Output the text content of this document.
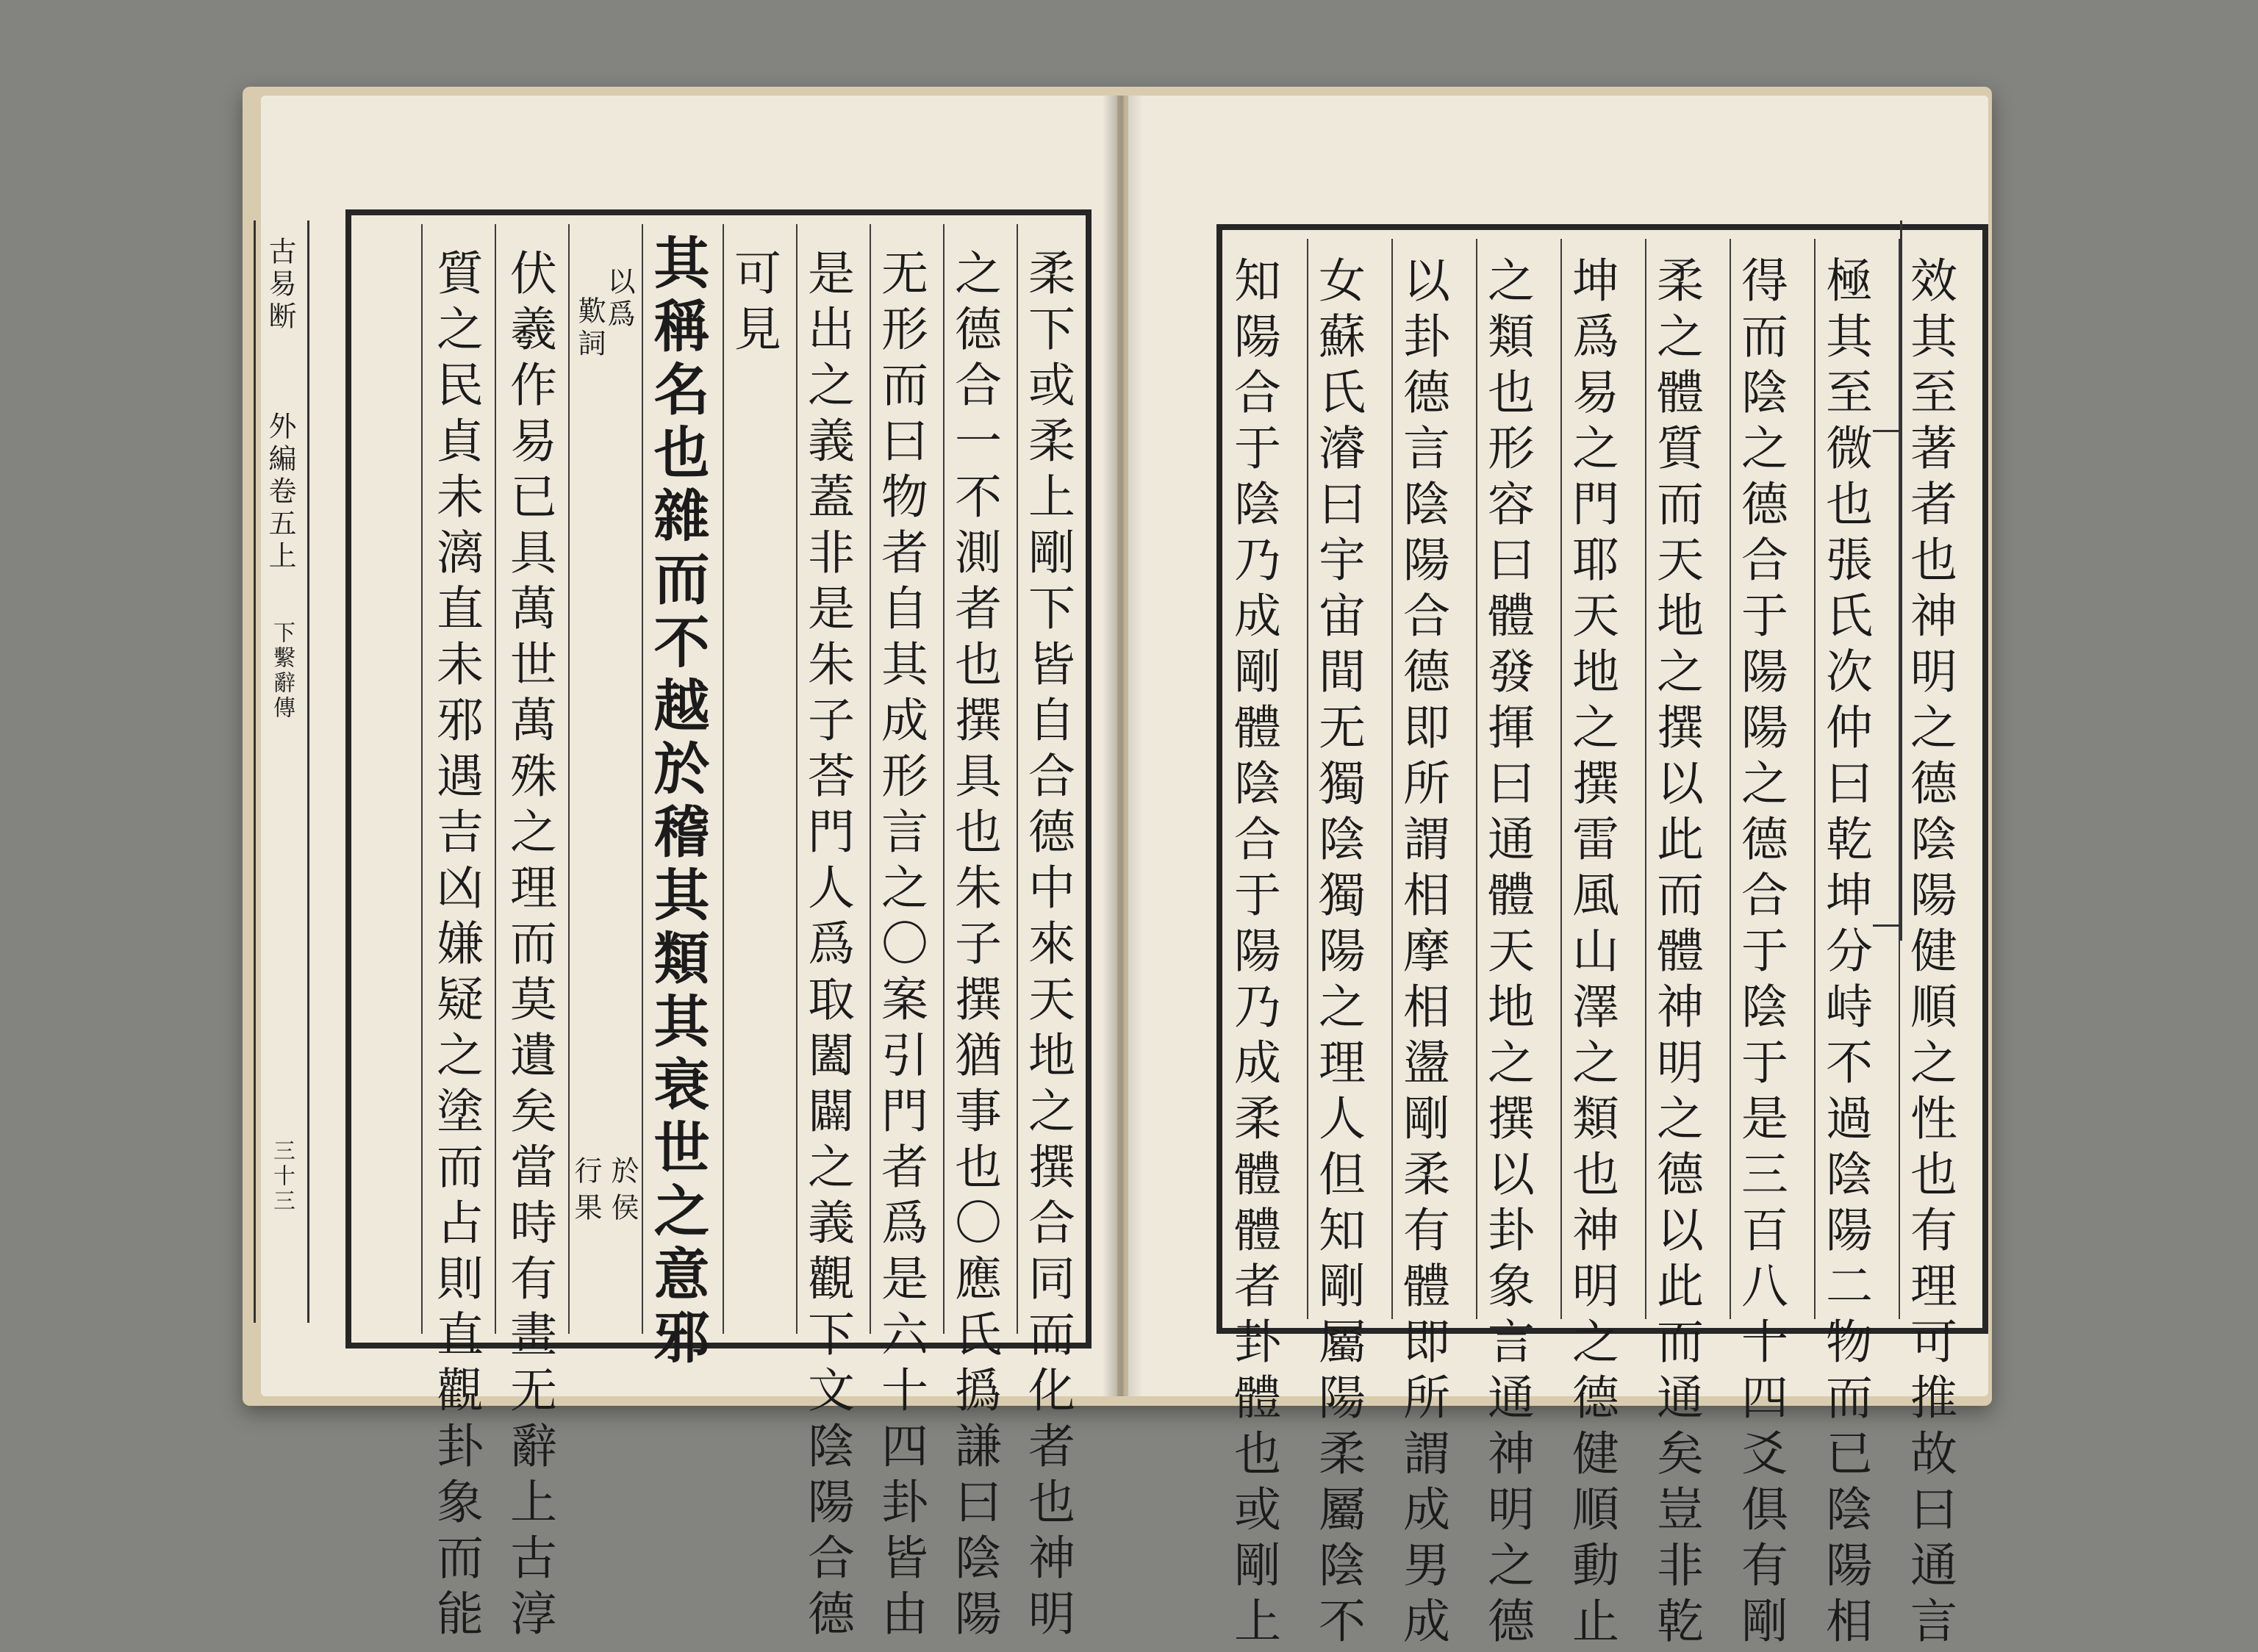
古易断
外編卷五上
下繫辭傳
三十三	柔下或柔上剛下皆自合德中來天地之撰合同而化者也神明
之德合一不測者也撰具也朱子撰猶事也〇應氏撝謙曰陰陽
无形而曰物者自其成形言之〇案引門者爲是六十四卦皆由
是出之義蓋非是朱子荅門人爲取闔闢之義觀下文陰陽合德
可見
其稱名也雜而不越於稽其類其衰世之意邪
以爲
歎詞
於
侯
行
果
伏羲作易已具萬世萬殊之理而莫遺矣當時有畫无辭上古淳
質之民貞未漓直未邪遇吉凶嫌疑之塗而占則直觀卦象而能	效其至著者也神明之德陰陽健順之性也有理可推故曰通言
極其至微也張氏次仲曰乾坤分峙不過陰陽二物而已陰陽相
得而陰之德合于陽陽之德合于陰于是三百八十四爻俱有剛
柔之體質而天地之撰以此而體神明之德以此而通矣豈非乾
坤爲易之門耶天地之撰雷風山澤之類也神明之德健順動止
之類也形容曰體發揮曰通體天地之撰以卦象言通神明之德
以卦德言陰陽合德即所謂相摩相盪剛柔有體即所謂成男成
女蘇氏濬曰宇宙間无獨陰獨陽之理人但知剛屬陽柔屬陰不
知陽合于陰乃成剛體陰合于陽乃成柔體體者卦體也或剛上
